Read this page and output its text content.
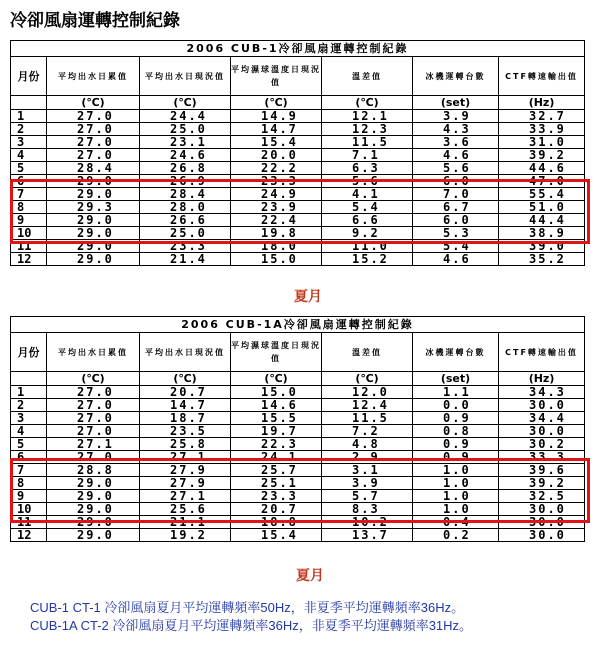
冷卻風扇運轉控制紀錄
2006 CUB-1冷卻風扇運轉控制紀錄						
月份	平均出水日累值	平均出水日現況值	平均濕球溫度日現況值	溫差值	冰機運轉台數	CTF轉速輸出值
	(℃)	(℃)	(℃)	(℃)	(set)	(Hz)
1	27.0	24.4	14.9	12.1	3.9	32.7
2	27.0	25.0	14.7	12.3	4.3	33.9
3	27.0	23.1	15.4	11.5	3.6	31.0
4	27.0	24.6	20.0	7.1	4.6	39.2
5	28.4	26.8	22.2	6.3	5.6	44.6
6	29.0	26.9	23.3	5.6	6.0	47.0
7	29.0	28.4	24.9	4.1	7.0	55.4
8	29.3	28.0	23.9	5.4	6.7	51.0
9	29.0	26.6	22.4	6.6	6.0	44.4
10	29.0	25.0	19.8	9.2	5.3	38.9
11	29.0	23.3	18.0	11.0	5.4	39.0
12	29.0	21.4	15.0	15.2	4.6	35.2
夏月
2006 CUB-1A冷卻風扇運轉控制紀錄						
月份	平均出水日累值	平均出水日現況值	平均濕球溫度日現況值	溫差值	冰機運轉台數	CTF轉速輸出值
	(℃)	(℃)	(℃)	(℃)	(set)	(Hz)
1	27.0	20.7	15.0	12.0	1.1	34.3
2	27.0	14.7	14.6	12.4	0.0	30.0
3	27.0	18.7	15.5	11.5	0.9	34.4
4	27.0	23.5	19.7	7.2	0.8	30.0
5	27.1	25.8	22.3	4.8	0.9	30.2
6	27.0	27.1	24.1	2.9	0.9	33.3
7	28.8	27.9	25.7	3.1	1.0	39.6
8	29.0	27.9	25.1	3.9	1.0	39.2
9	29.0	27.1	23.3	5.7	1.0	32.5
10	29.0	25.6	20.7	8.3	1.0	30.0
11	29.0	21.1	18.8	10.2	0.4	30.0
12	29.0	19.2	15.4	13.7	0.2	30.0
夏月
CUB-1 CT-1 冷卻風扇夏月平均運轉頻率50Hz，非夏季平均運轉頻率36Hz。
CUB-1A CT-2 冷卻風扇夏月平均運轉頻率36Hz，非夏季平均運轉頻率31Hz。
